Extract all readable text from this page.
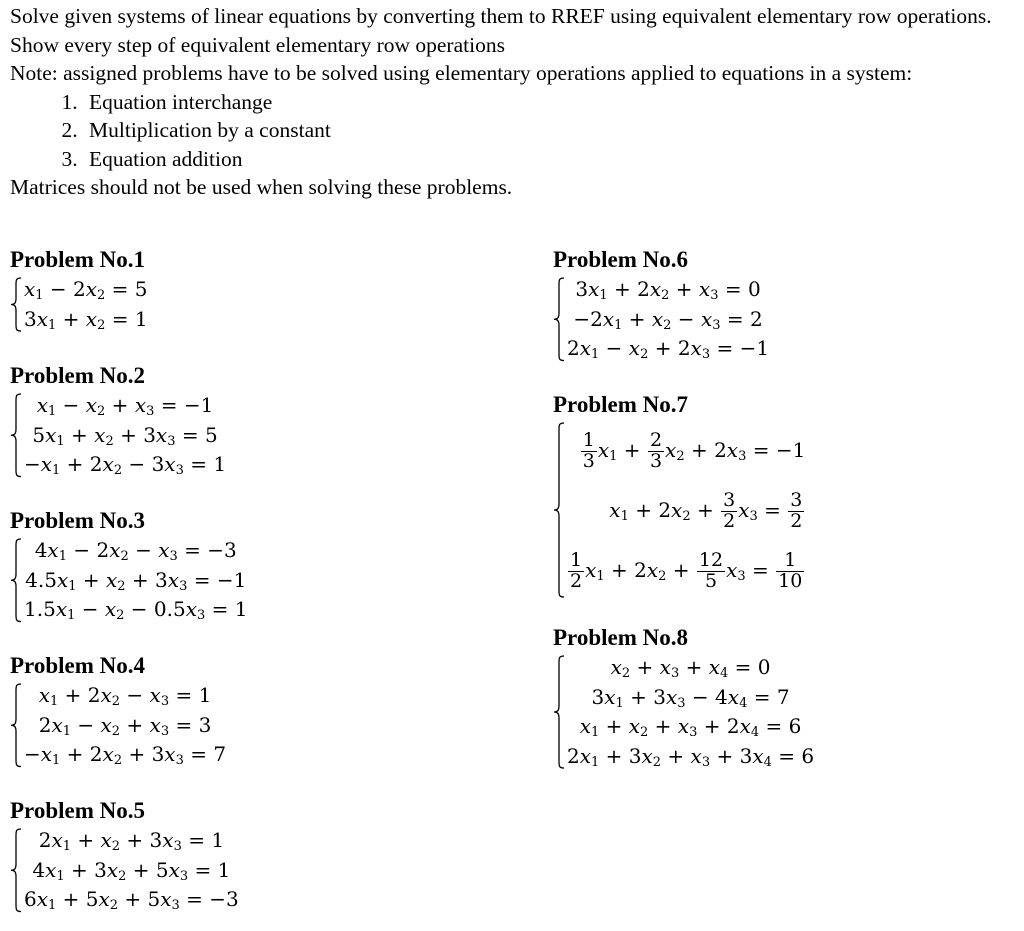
Solve given systems of linear equations by converting them to RREF using equivalent elementary row operations. Show every step of equivalent elementary row operations

Note: assigned problems have to be solved using elementary operations applied to equations in a system:

1. Equation interchange
2. Multiplication by a constant
3. Equation addition

Matrices should not be used when solving these problems.

Problem No.1
$x_1 - 2x_2 = 5$
$3x_1 + x_2 = 1$
Problem No.2
$x_1 - x_2 + x_3 = -1$
$5x_1 + x_2 + 3x_3 = 5$
$-x_1 + 2x_2 - 3x_3 = 1$
Problem No.3
$4x_1 - 2x_2 - x_3 = -3$
$4.5x_1 + x_2 + 3x_3 = -1$
$1.5x_1 - x_2 - 0.5x_3 = 1$
Problem No.4
$x_1 + 2x_2 - x_3 = 1$
$2x_1 - x_2 + x_3 = 3$
$-x_1 + 2x_2 + 3x_3 = 7$
Problem No.5
$2x_1 + x_2 + 3x_3 = 1$
$4x_1 + 3x_2 + 5x_3 = 1$
$6x_1 + 5x_2 + 5x_3 = -3$
Problem No.6
$3x_1 + 2x_2 + x_3 = 0$
$-2x_1 + x_2 - x_3 = 2$
$2x_1 - x_2 + 2x_3 = -1$
Problem No.7
$\frac{1}{3} x_1 + \frac{2}{3} x_2 + 2x_3 = -1$
$x_1 + 2x_2 + \frac{3}{2} x_3 = \frac{3}{2}$
$\frac{1}{2} x_1 + 2x_2 + \frac{12}{5} x_3 = \frac{1}{10}$
Problem No.8
$x_2 + x_3 + x_4 = 0$
$3x_1 + 3x_3 - 4x_4 = 7$
$x_1 + x_2 + x_3 + 2x_4 = 6$
$2x_1 + 3x_2 + x_3 + 3x_4 = 6$
